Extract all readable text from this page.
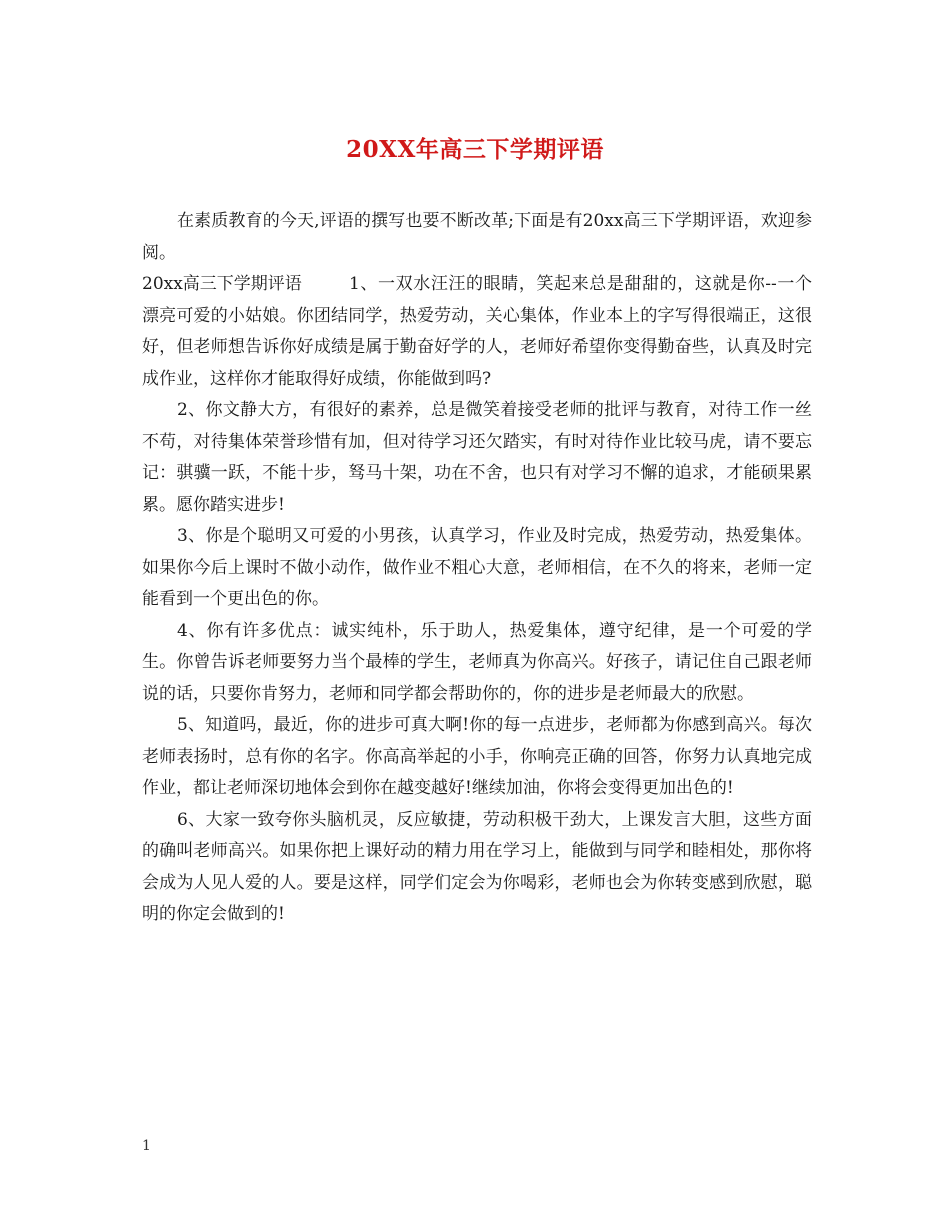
20XX年高三下学期评语

在素质教育的今天,评语的撰写也要不断改革;下面是有20xx高三下学期评语，欢迎参阅。

20xx高三下学期评语	1、一双水汪汪的眼睛，笑起来总是甜甜的，这就是你--一个漂亮可爱的小姑娘。你团结同学，热爱劳动，关心集体，作业本上的字写得很端正，这很好，但老师想告诉你好成绩是属于勤奋好学的人，老师好希望你变得勤奋些，认真及时完成作业，这样你才能取得好成绩，你能做到吗?

2、你文静大方，有很好的素养，总是微笑着接受老师的批评与教育，对待工作一丝不苟，对待集体荣誉珍惜有加，但对待学习还欠踏实，有时对待作业比较马虎，请不要忘记：骐骥一跃，不能十步，驽马十架，功在不舍，也只有对学习不懈的追求，才能硕果累累。愿你踏实进步!

3、你是个聪明又可爱的小男孩，认真学习，作业及时完成，热爱劳动，热爱集体。如果你今后上课时不做小动作，做作业不粗心大意，老师相信，在不久的将来，老师一定能看到一个更出色的你。

4、你有许多优点：诚实纯朴，乐于助人，热爱集体，遵守纪律，是一个可爱的学生。你曾告诉老师要努力当个最棒的学生，老师真为你高兴。好孩子，请记住自己跟老师说的话，只要你肯努力，老师和同学都会帮助你的，你的进步是老师最大的欣慰。

5、知道吗，最近，你的进步可真大啊!你的每一点进步，老师都为你感到高兴。每次老师表扬时，总有你的名字。你高高举起的小手，你响亮正确的回答，你努力认真地完成作业，都让老师深切地体会到你在越变越好!继续加油，你将会变得更加出色的!

6、大家一致夸你头脑机灵，反应敏捷，劳动积极干劲大，上课发言大胆，这些方面的确叫老师高兴。如果你把上课好动的精力用在学习上，能做到与同学和睦相处，那你将会成为人见人爱的人。要是这样，同学们定会为你喝彩，老师也会为你转变感到欣慰，聪明的你定会做到的!

1
